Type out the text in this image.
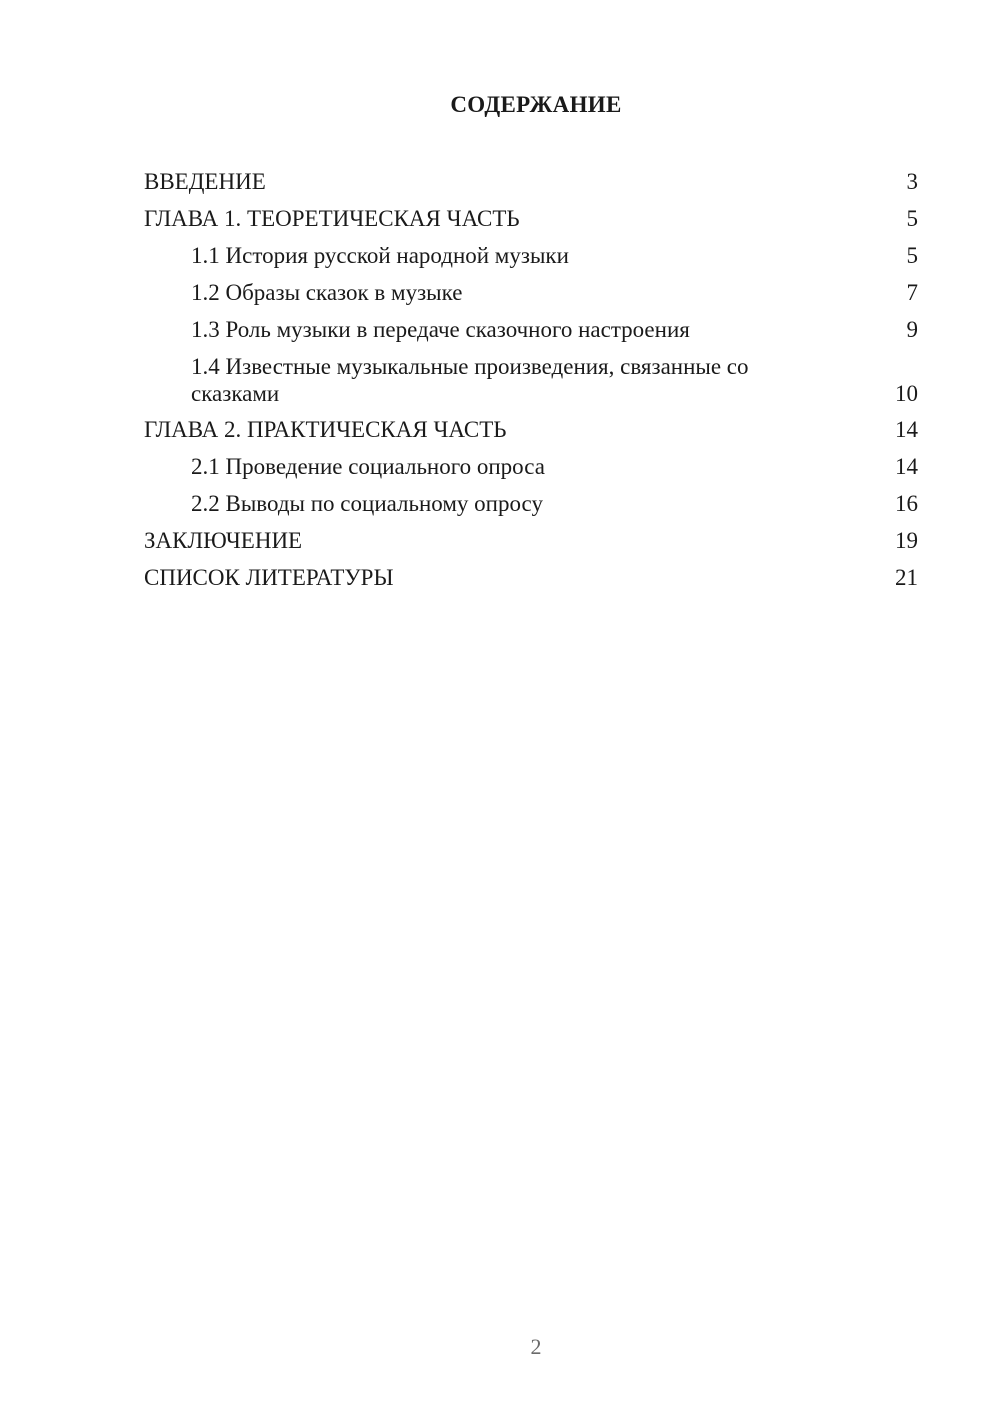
СОДЕРЖАНИЕ
ВВЕДЕНИЕ	3
ГЛАВА 1. ТЕОРЕТИЧЕСКАЯ ЧАСТЬ	5
1.1 История русской народной музыки	5
1.2 Образы сказок в музыке	7
1.3 Роль музыки в передаче сказочного настроения	9
1.4 Известные музыкальные произведения, связанные со сказками	10
ГЛАВА 2. ПРАКТИЧЕСКАЯ ЧАСТЬ	14
2.1 Проведение социального опроса	14
2.2 Выводы по социальному опросу	16
ЗАКЛЮЧЕНИЕ	19
СПИСОК ЛИТЕРАТУРЫ	21
2
